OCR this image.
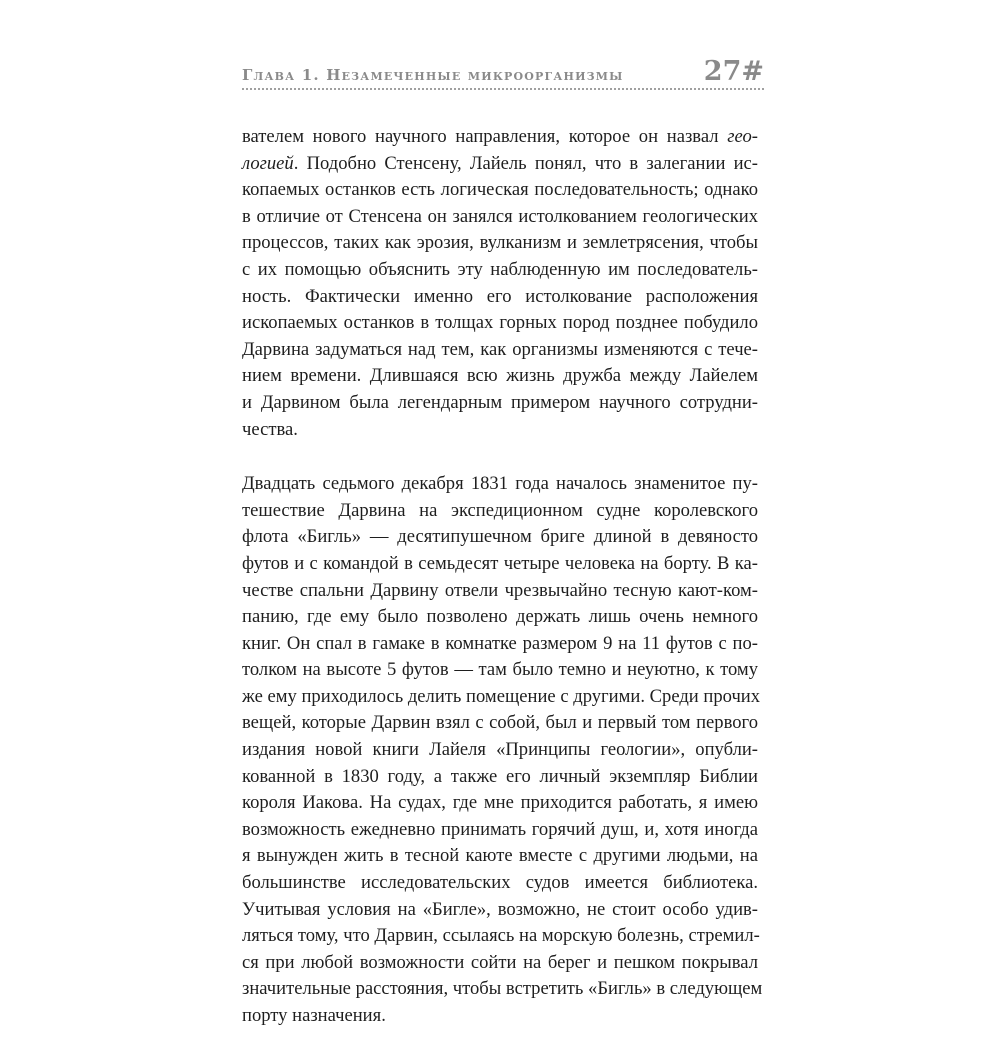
Глава 1. Незамеченные микроорганизмы	27#
вателем нового научного направления, которое он назвал гео-
логией. Подобно Стенсену, Лайель понял, что в залегании ис-
копаемых останков есть логическая последовательность; однако
в отличие от Стенсена он занялся истолкованием геологических
процессов, таких как эрозия, вулканизм и землетрясения, чтобы
с их помощью объяснить эту наблюденную им последователь-
ность. Фактически именно его истолкование расположения
ископаемых останков в толщах горных пород позднее побудило
Дарвина задуматься над тем, как организмы изменяются с тече-
нием времени. Длившаяся всю жизнь дружба между Лайелем
и Дарвином была легендарным примером научного сотрудни-
чества.
Двадцать седьмого декабря 1831 года началось знаменитое пу-
тешествие Дарвина на экспедиционном судне королевского
флота «Бигль» — десятипушечном бриге длиной в девяносто
футов и с командой в семьдесят четыре человека на борту. В ка-
честве спальни Дарвину отвели чрезвычайно тесную кают-ком-
панию, где ему было позволено держать лишь очень немного
книг. Он спал в гамаке в комнатке размером 9 на 11 футов с по-
толком на высоте 5 футов — там было темно и неуютно, к тому
же ему приходилось делить помещение с другими. Среди прочих
вещей, которые Дарвин взял с собой, был и первый том первого
издания новой книги Лайеля «Принципы геологии», опубли-
кованной в 1830 году, а также его личный экземпляр Библии
короля Иакова. На судах, где мне приходится работать, я имею
возможность ежедневно принимать горячий душ, и, хотя иногда
я вынужден жить в тесной каюте вместе с другими людьми, на
большинстве исследовательских судов имеется библиотека.
Учитывая условия на «Бигле», возможно, не стоит особо удив-
ляться тому, что Дарвин, ссылаясь на морскую болезнь, стремил-
ся при любой возможности сойти на берег и пешком покрывал
значительные расстояния, чтобы встретить «Бигль» в следующем
порту назначения.
